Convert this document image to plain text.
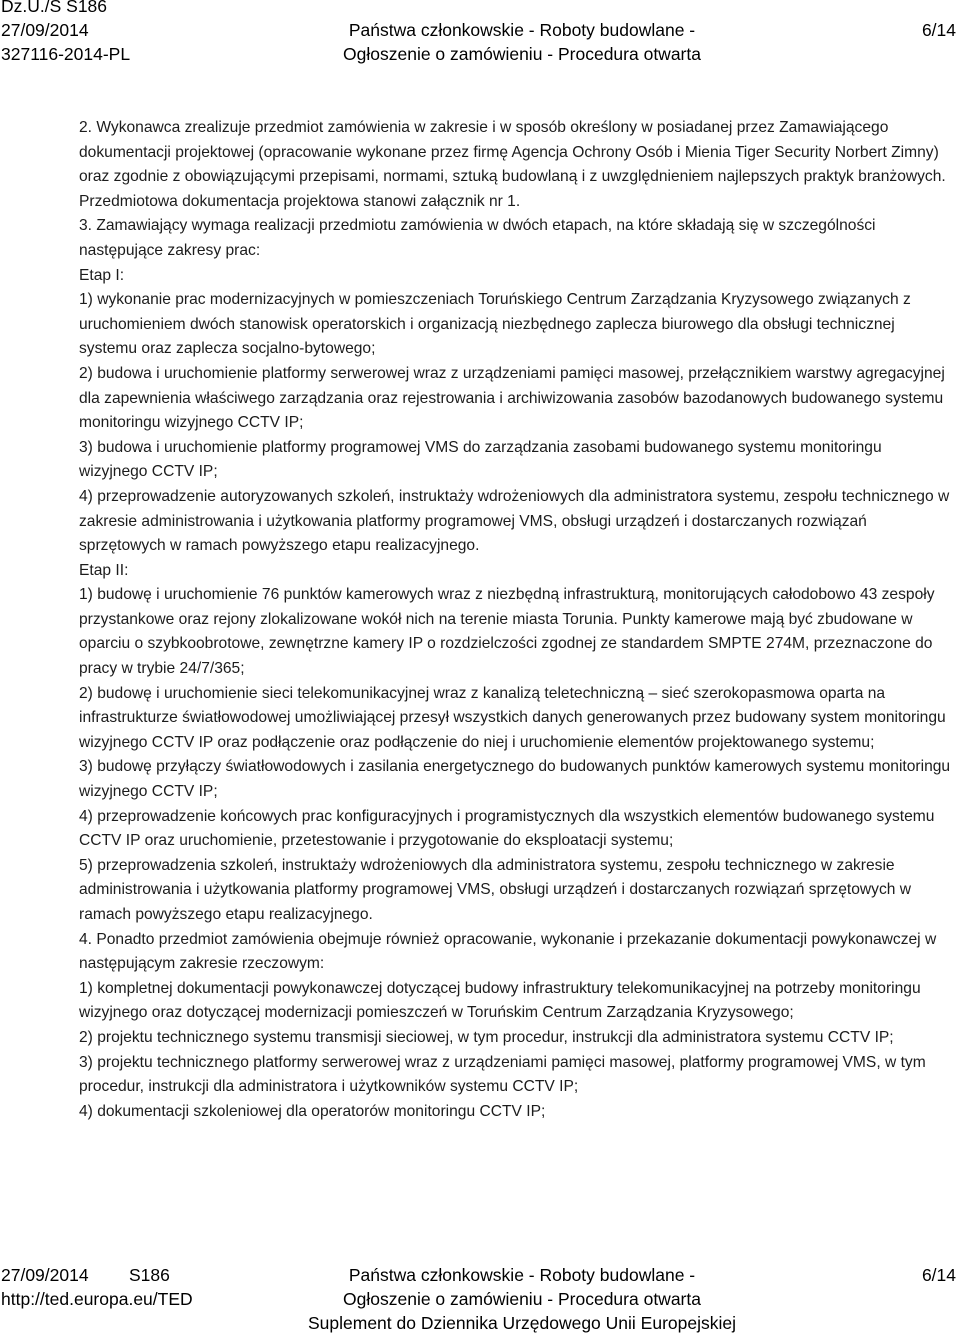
Dz.U./S S186
27/09/2014
327116-2014-PL
Państwa członkowskie - Roboty budowlane -
Ogłoszenie o zamówieniu - Procedura otwarta
6/14

2. Wykonawca zrealizuje przedmiot zamówienia w zakresie i w sposób określony w posiadanej przez Zamawiającego dokumentacji projektowej (opracowanie wykonane przez firmę Agencja Ochrony Osób i Mienia Tiger Security Norbert Zimny) oraz zgodnie z obowiązującymi przepisami, normami, sztuką budowlaną i z uwzględnieniem najlepszych praktyk branżowych. Przedmiotowa dokumentacja projektowa stanowi załącznik nr 1.

3. Zamawiający wymaga realizacji przedmiotu zamówienia w dwóch etapach, na które składają się w szczególności następujące zakresy prac:

Etap I:

1) wykonanie prac modernizacyjnych w pomieszczeniach Toruńskiego Centrum Zarządzania Kryzysowego związanych z uruchomieniem dwóch stanowisk operatorskich i organizacją niezbędnego zaplecza biurowego dla obsługi technicznej systemu oraz zaplecza socjalno-bytowego;

2) budowa i uruchomienie platformy serwerowej wraz z urządzeniami pamięci masowej, przełącznikiem warstwy agregacyjnej dla zapewnienia właściwego zarządzania oraz rejestrowania i archiwizowania zasobów bazodanowych budowanego systemu monitoringu wizyjnego CCTV IP;

3) budowa i uruchomienie platformy programowej VMS do zarządzania zasobami budowanego systemu monitoringu wizyjnego CCTV IP;

4) przeprowadzenie autoryzowanych szkoleń, instruktaży wdrożeniowych dla administratora systemu, zespołu technicznego w zakresie administrowania i użytkowania platformy programowej VMS, obsługi urządzeń i dostarczanych rozwiązań sprzętowych w ramach powyższego etapu realizacyjnego.

Etap II:

1) budowę i uruchomienie 76 punktów kamerowych wraz z niezbędną infrastrukturą, monitorujących całodobowo 43 zespoły przystankowe oraz rejony zlokalizowane wokół nich na terenie miasta Torunia. Punkty kamerowe mają być zbudowane w oparciu o szybkoobrotowe, zewnętrzne kamery IP o rozdzielczości zgodnej ze standardem SMPTE 274M, przeznaczone do pracy w trybie 24/7/365;

2) budowę i uruchomienie sieci telekomunikacyjnej wraz z kanalizą teletechniczną – sieć szerokopasmowa oparta na infrastrukturze światłowodowej umożliwiającej przesył wszystkich danych generowanych przez budowany system monitoringu wizyjnego CCTV IP oraz podłączenie oraz podłączenie do niej i uruchomienie elementów projektowanego systemu;

3) budowę przyłączy światłowodowych i zasilania energetycznego do budowanych punktów kamerowych systemu monitoringu wizyjnego CCTV IP;

4) przeprowadzenie końcowych prac konfiguracyjnych i programistycznych dla wszystkich elementów budowanego systemu CCTV IP oraz uruchomienie, przetestowanie i przygotowanie do eksploatacji systemu;

5) przeprowadzenia szkoleń, instruktaży wdrożeniowych dla administratora systemu, zespołu technicznego w zakresie administrowania i użytkowania platformy programowej VMS, obsługi urządzeń i dostarczanych rozwiązań sprzętowych w ramach powyższego etapu realizacyjnego.

4. Ponadto przedmiot zamówienia obejmuje również opracowanie, wykonanie i przekazanie dokumentacji powykonawczej w następującym zakresie rzeczowym:

1) kompletnej dokumentacji powykonawczej dotyczącej budowy infrastruktury telekomunikacyjnej na potrzeby monitoringu wizyjnego oraz dotyczącej modernizacji pomieszczeń w Toruńskim Centrum Zarządzania Kryzysowego;

2) projektu technicznego systemu transmisji sieciowej, w tym procedur, instrukcji dla administratora systemu CCTV IP;

3) projektu technicznego platformy serwerowej wraz z urządzeniami pamięci masowej, platformy programowej VMS, w tym procedur, instrukcji dla administratora i użytkowników systemu CCTV IP;

4) dokumentacji szkoleniowej dla operatorów monitoringu CCTV IP;

27/09/2014 S186
http://ted.europa.eu/TED
Państwa członkowskie - Roboty budowlane -
Ogłoszenie o zamówieniu - Procedura otwarta
Suplement do Dziennika Urzędowego Unii Europejskiej
6/14
